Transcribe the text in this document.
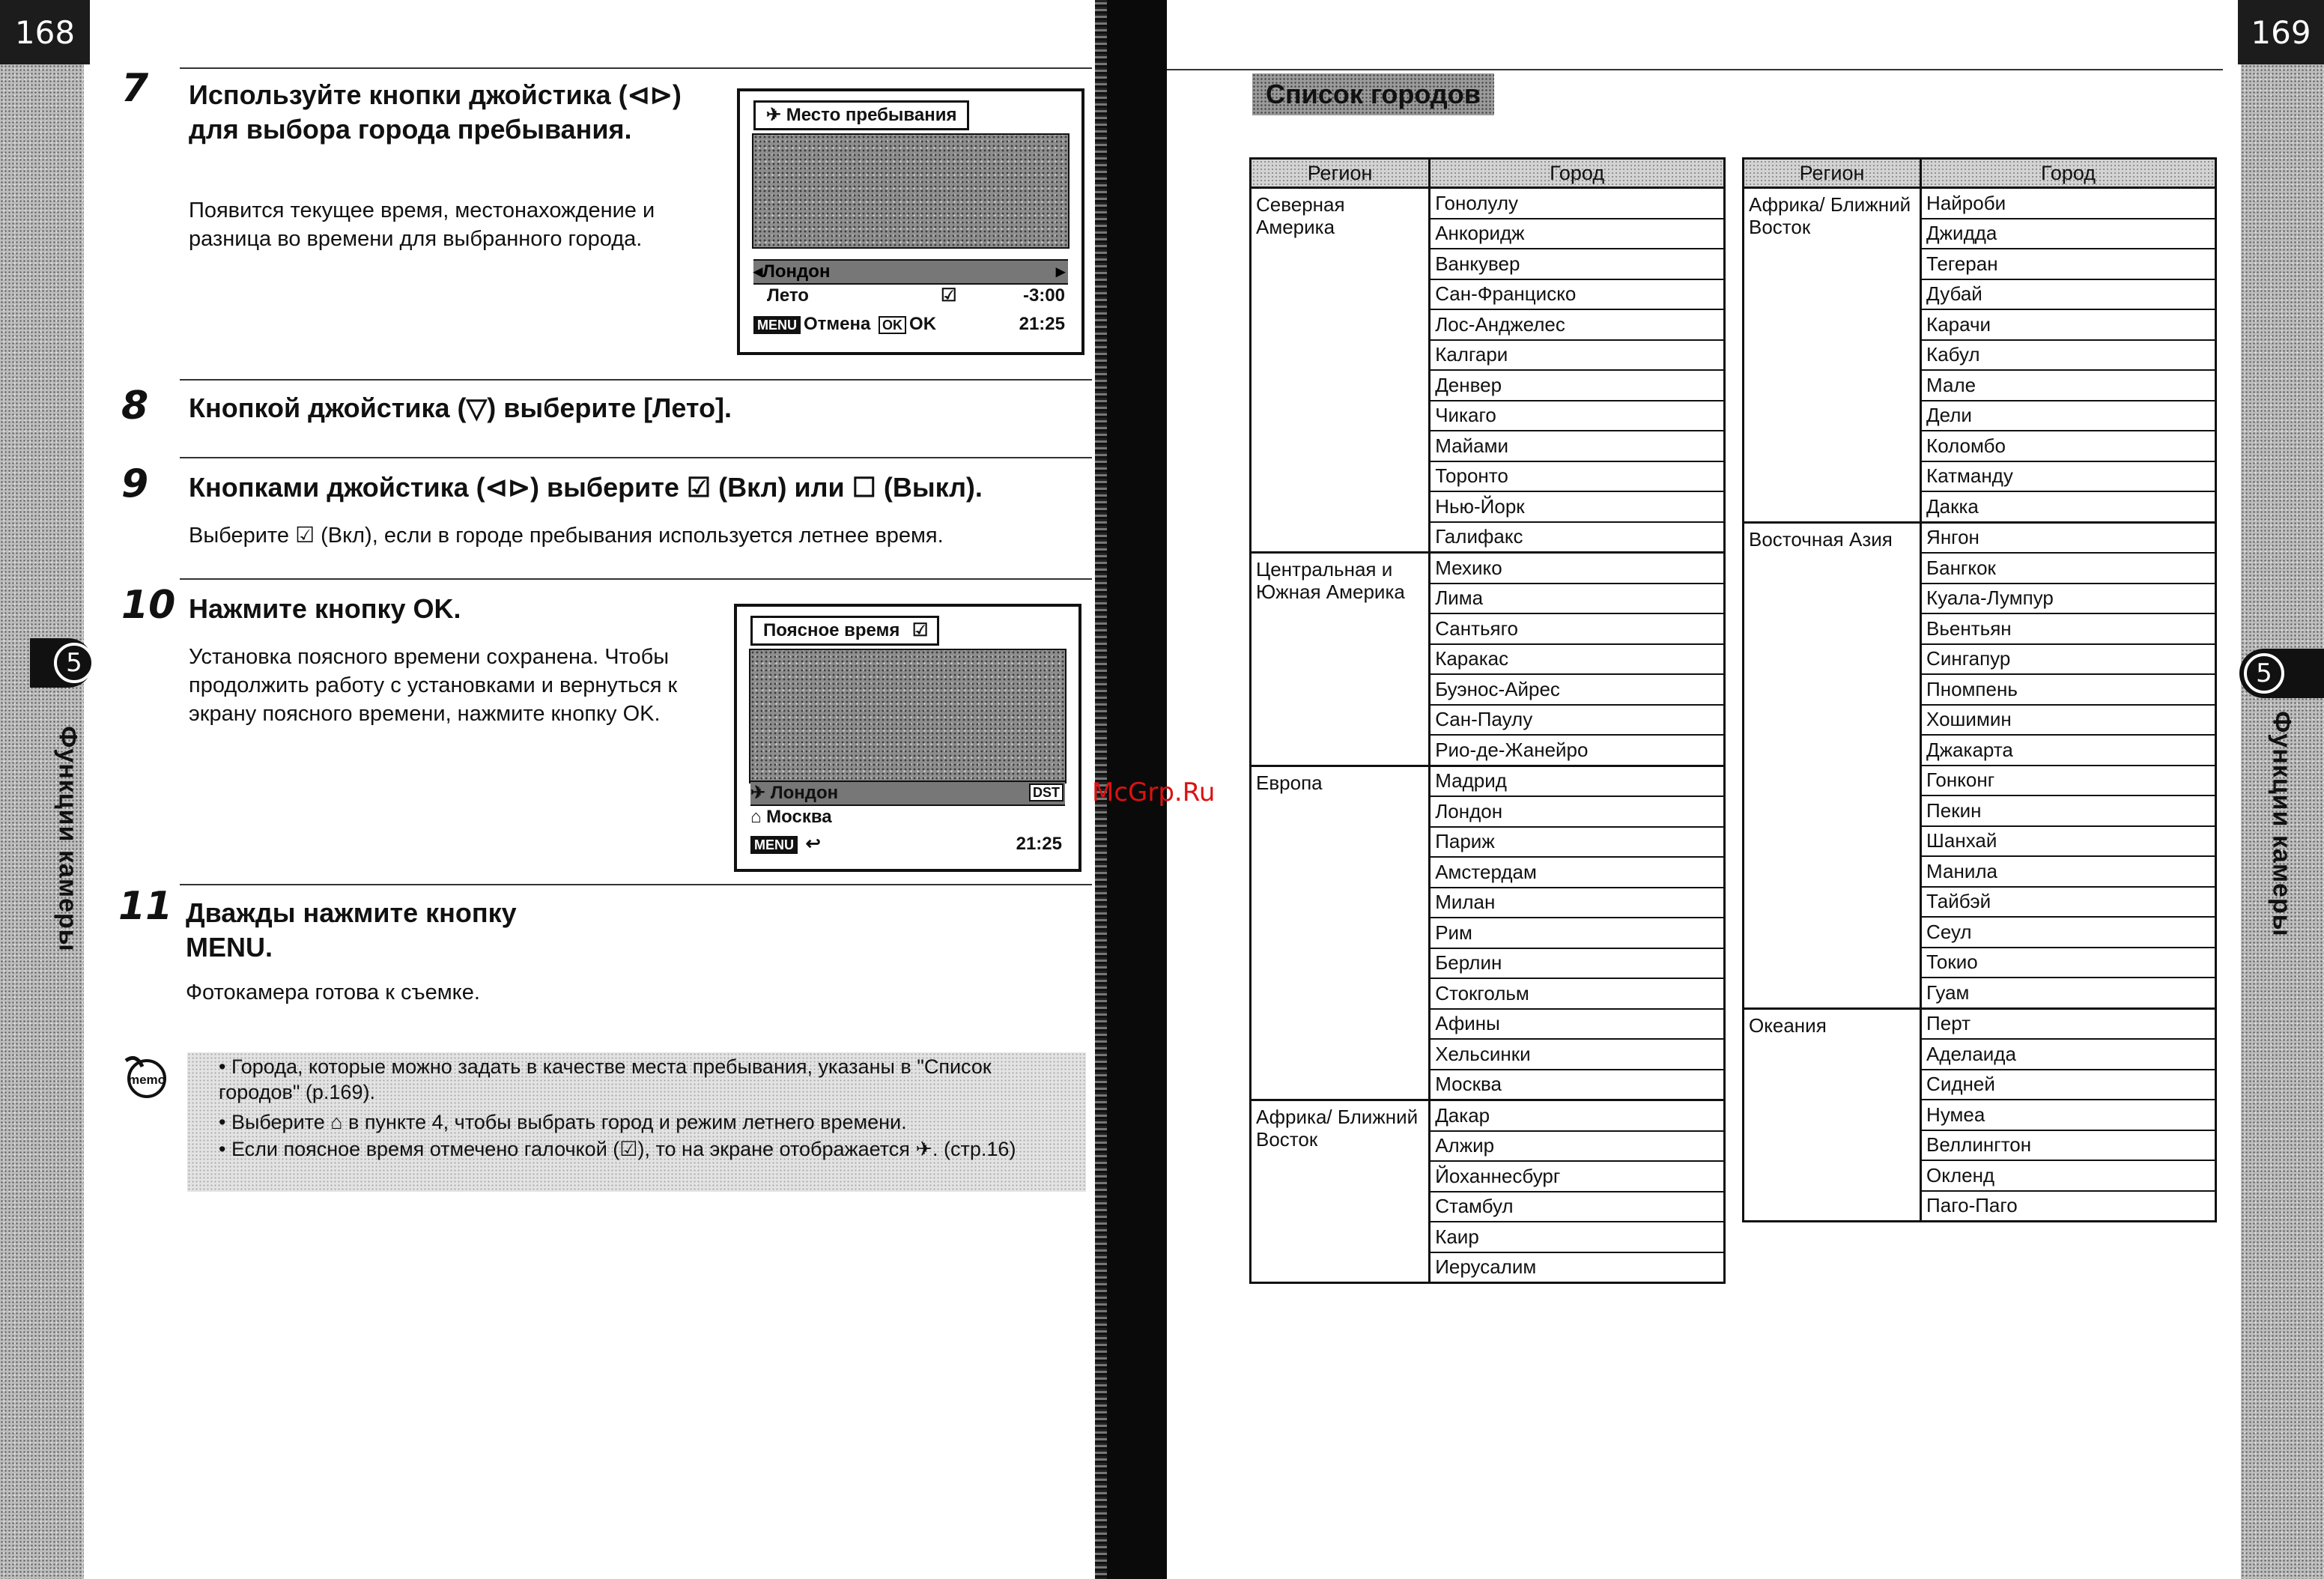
168
5
Функции камеры
7 Используйте кнопки джойстика (⊲⊳) для выбора города пребывания.
Появится текущее время, местонахождение и разница во времени для выбранного города.
✈ Место пребывания
◂Лондон	▸
Лето	☑	-3:00
MENU Отмена OK OK	21:25
8 Кнопкой джойстика (▽) выберите [Лето].
9 Кнопками джойстика (⊲⊳) выберите ☑ (Вкл) или ☐ (Выкл).
Выберите ☑ (Вкл), если в городе пребывания используется летнее время.
10 Нажмите кнопку OK.
Установка поясного времени сохранена. Чтобы продолжить работу с установками и вернуться к экрану поясного времени, нажмите кнопку OK.
Поясное время ☑
✈ Лондон	DST
⌂ Москва
MENU ↩	21:25
11 Дважды нажмите кнопку MENU.
Фотокамера готова к съемке.
memo
• Города, которые можно задать в качестве места пребывания, указаны в "Список городов" (р.169).
• Выберите ⌂ в пункте 4, чтобы выбрать город и режим летнего времени.
• Если поясное время отмечено галочкой (☑), то на экране отображается ✈. (стр.16)
McGrp.Ru
169
5
Функции камеры
Список городов
Регион	Город
Северная Америка	Гонолулу
	Анкоридж
	Ванкувер
	Сан-Франциско
	Лос-Анджелес
	Калгари
	Денвер
	Чикаго
	Майами
	Торонто
	Нью-Йорк
	Галифакс
Центральная и Южная Америка	Мехико
	Лима
	Сантьяго
	Каракас
	Буэнос-Айрес
	Сан-Паулу
	Рио-де-Жанейро
Европа	Мадрид
	Лондон
	Париж
	Амстердам
	Милан
	Рим
	Берлин
	Стокгольм
	Афины
	Хельсинки
	Москва
Африка/ Ближний Восток	Дакар
	Алжир
	Йоханнесбург
	Стамбул
	Каир
	Иерусалим
Регион	Город
Африка/ Ближний Восток	Найроби
	Джидда
	Тегеран
	Дубай
	Карачи
	Кабул
	Мале
	Дели
	Коломбо
	Катманду
	Дакка
Восточная Азия	Янгон
	Бангкок
	Куала-Лумпур
	Вьентьян
	Сингапур
	Пномпень
	Хошимин
	Джакарта
	Гонконг
	Пекин
	Шанхай
	Манила
	Тайбэй
	Сеул
	Токио
	Гуам
Океания	Перт
	Аделаида
	Сидней
	Нумеа
	Веллингтон
	Окленд
	Паго-Паго
